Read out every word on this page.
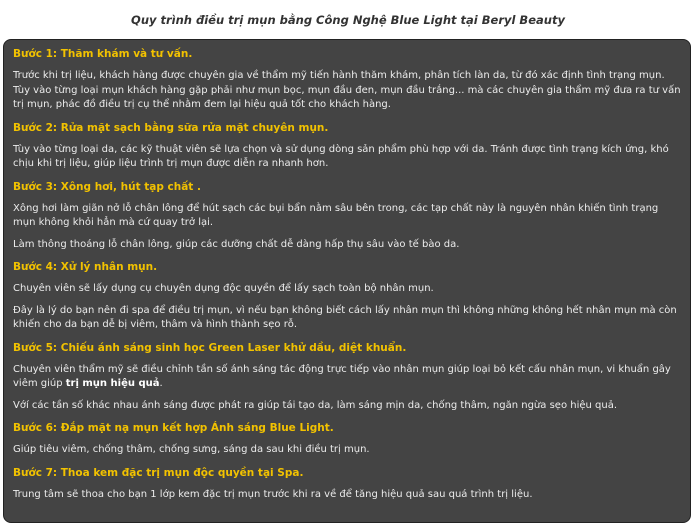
Quy trình điều trị mụn bằng Công Nghệ Blue Light tại Beryl Beauty
Bước 1: Thăm khám và tư vấn.

Trước khi trị liệu, khách hàng được chuyên gia về thẩm mỹ tiến hành thăm khám, phân tích làn da, từ đó xác định tình trạng mụn. Tùy vào từng loại mụn khách hàng gặp phải như mụn bọc, mụn đầu đen, mụn đầu trắng... mà các chuyên gia thẩm mỹ đưa ra tư vấn trị mụn, phác đồ điều trị cụ thể nhằm đem lại hiệu quả tốt cho khách hàng.

Bước 2: Rửa mặt sạch bằng sữa rửa mặt chuyên mụn.

Tùy vào từng loại da, các kỹ thuật viên sẽ lựa chọn và sử dụng dòng sản phẩm phù hợp với da. Tránh được tình trạng kích ứng, khó chịu khi trị liệu, giúp liệu trình trị mụn được diễn ra nhanh hơn.

Bước 3: Xông hơi, hút tạp chất .

Xông hơi làm giãn nở lỗ chân lông để hút sạch các bụi bẩn nằm sâu bên trong, các tạp chất này là nguyên nhân khiến tình trạng mụn không khỏi hẳn mà cứ quay trở lại.

Làm thông thoáng lỗ chân lông, giúp các dưỡng chất dễ dàng hấp thụ sâu vào tế bào da.

Bước 4: Xử lý nhân mụn.

Chuyên viên sẽ lấy dụng cụ chuyên dụng độc quyền để lấy sạch toàn bộ nhân mụn.

Đây là lý do bạn nên đi spa để điều trị mụn, vì nếu bạn không biết cách lấy nhân mụn thì không những không hết nhân mụn mà còn khiến cho da bạn dễ bị viêm, thâm và hình thành sẹo rỗ.

Bước 5: Chiếu ánh sáng sinh học Green Laser khử dầu, diệt khuẩn.

Chuyên viên thẩm mỹ sẽ điều chỉnh tần số ánh sáng tác động trực tiếp vào nhân mụn giúp loại bỏ kết cấu nhân mụn, vi khuẩn gây viêm giúp trị mụn hiệu quả.

Vớí các tần số khác nhau ánh sáng được phát ra giúp tái tạo da, làm sáng mịn da, chống thâm, ngăn ngừa sẹo hiệu quả.

Bước 6: Đắp mặt nạ mụn kết hợp Ánh sáng Blue Light.

Giúp tiêu viêm, chống thâm, chống sưng, sáng da sau khi điều trị mụn.

Bước 7: Thoa kem đặc trị mụn độc quyền tại Spa.

Trung tâm sẽ thoa cho bạn 1 lớp kem đặc trị mụn trước khi ra về để tăng hiệu quả sau quá trình trị liệu.
